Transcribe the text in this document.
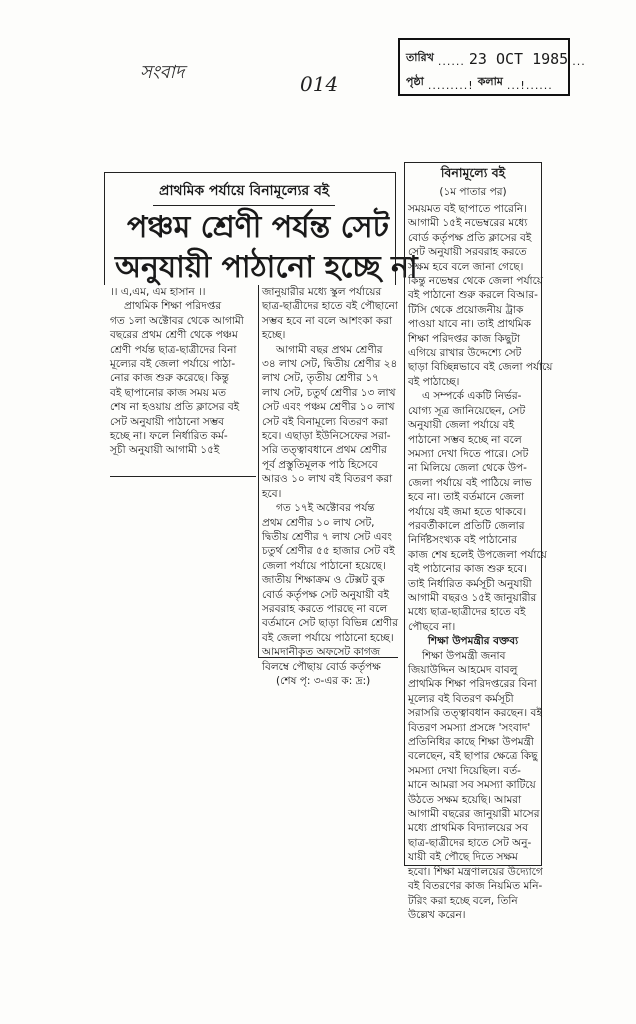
সংবাদ	014
তারিখ ...... 23 OCT 1985 ...
পৃষ্ঠা .........! কলাম ...!......
প্রাথমিক পর্যায়ে বিনামূল্যের বই
পঞ্চম শ্রেণী পর্যন্ত সেট
অনুযায়ী পাঠানো হচ্ছে না
।। এ,এম, এম হাসান ।।
প্রাথমিক শিক্ষা পরিদপ্তর
গত ১লা অক্টোবর থেকে আগামী
বছরের প্রথম শ্রেণী থেকে পঞ্চম
শ্রেণী পর্যন্ত ছাত্র-ছাত্রীদের বিনা
মূল্যের বই জেলা পর্যায়ে পাঠা-
নোর কাজ শুরু করেছে। কিন্তু
বই ছাপানোর কাজ সময় মত
শেষ না হওয়ায় প্রতি ক্লাসের বই
সেট অনুযায়ী পাঠানো সম্ভব
হচ্ছে না। ফলে নির্ধারিত কর্ম-
সূচী অনুযায়ী আগামী ১৫ই
জানুয়ারীর মধ্যে স্কুল পর্যায়ের
ছাত্র-ছাত্রীদের হাতে বই পৌছানো
সম্ভব হবে না বলে আশংকা করা
হচ্ছে।
আগামী বছর প্রথম শ্রেণীর
৩৪ লাখ সেট, দ্বিতীয় শ্রেণীর ২৪
লাখ সেট, তৃতীয় শ্রেণীর ১৭
লাখ সেট, চতুর্থ শ্রেণীর ১৩ লাখ
সেট এবং পঞ্চম শ্রেণীর ১০ লাখ
সেট বই বিনামূল্যে বিতরণ করা
হবে। এছাড়া ইউনিসেফের সরা-
সরি তত্ত্বাবধানে প্রথম শ্রেণীর
পূর্ব প্রস্তুতিমূলক পাঠ হিসেবে
আরও ১০ লাখ বই বিতরণ করা
হবে।
গত ১৭ই অক্টোবর পর্যন্ত
প্রথম শ্রেণীর ১০ লাখ সেট,
দ্বিতীয় শ্রেণীর ৭ লাখ সেট এবং
চতুর্থ শ্রেণীর ৫৫ হাজার সেট বই
জেলা পর্যায়ে পাঠানো হয়েছে।
জাতীয় শিক্ষাক্রম ও টেক্সট বুক
বোর্ড কর্তৃপক্ষ সেট অনুযায়ী বই
সরবরাহ করতে পারছে না বলে
বর্তমানে সেট ছাড়া বিভিন্ন শ্রেণীর
বই জেলা পর্যায়ে পাঠানো হচ্ছে।
আমদানীকৃত অফসেট কাগজ
বিলম্বে পৌছায় বোর্ড কর্তৃপক্ষ
(শেষ পৃ: ৩-এর ক: দ্র:)
বিনামূল্যে বই
(১ম পাতার পর)
সময়মত বই ছাপাতে পারেনি।
আগামী ১৫ই নভেম্বরের মধ্যে
বোর্ড কর্তৃপক্ষ প্রতি ক্লাসের বই
সেট অনুযায়ী সরবরাহ করতে
সক্ষম হবে বলে জানা গেছে।
কিন্তু নভেম্বর থেকে জেলা পর্যায়ে
বই পাঠানো শুরু করলে বিআর-
টিসি থেকে প্রয়োজনীয় ট্রাক
পাওয়া যাবে না। তাই প্রাথমিক
শিক্ষা পরিদপ্তর কাজ কিছুটা
এগিয়ে রাখার উদ্দেশ্যে সেট
ছাড়া বিচ্ছিন্নভাবে বই জেলা পর্যায়ে
বই পাঠাচ্ছে।
এ সম্পর্কে একটি নির্ভর-
যোগ্য সূত্র জানিয়েছেন, সেট
অনুযায়ী জেলা পর্যায়ে বই
পাঠানো সম্ভব হচ্ছে না বলে
সমস্যা দেখা দিতে পারে। সেট
না মিলিয়ে জেলা থেকে উপ-
জেলা পর্যায়ে বই পাঠিয়ে লাভ
হবে না। তাই বর্তমানে জেলা
পর্যায়ে বই জমা হতে থাকবে।
পরবর্তীকালে প্রতিটি জেলার
নির্দিষ্টসংখ্যক বই পাঠানোর
কাজ শেষ হলেই উপজেলা পর্যায়ে
বই পাঠানোর কাজ শুরু হবে।
তাই নির্ধারিত কর্মসূচী অনুযায়ী
আগামী বছরও ১৫ই জানুয়ারীর
মধ্যে ছাত্র-ছাত্রীদের হাতে বই
পৌছবে না।
শিক্ষা উপমন্ত্রীর বক্তব্য
শিক্ষা উপমন্ত্রী জনাব
জিয়াউদ্দিন আহমেদ বাবলু
প্রাথমিক শিক্ষা পরিদপ্তরের বিনা
মূল্যের বই বিতরণ কর্মসূচী
সরাসরি তত্ত্বাবধান করছেন। বই
বিতরণ সমস্যা প্রসঙ্গে 'সংবাদ'
প্রতিনিধির কাছে শিক্ষা উপমন্ত্রী
বলেছেন, বই ছাপার ক্ষেত্রে কিছু
সমস্যা দেখা দিয়েছিল। বর্ত-
মানে আমরা সব সমস্যা কাটিয়ে
উঠতে সক্ষম হয়েছি। আমরা
আগামী বছরের জানুয়ারী মাসের
মধ্যে প্রাথমিক বিদ্যালয়ের সব
ছাত্র-ছাত্রীদের হাতে সেট অনু-
যায়ী বই পৌছে দিতে সক্ষম
হবো। শিক্ষা মন্ত্রণালয়ের উদ্যোগে
বই বিতরণের কাজ নিয়মিত মনি-
টরিং করা হচ্ছে বলে, তিনি
উল্লেখ করেন।
